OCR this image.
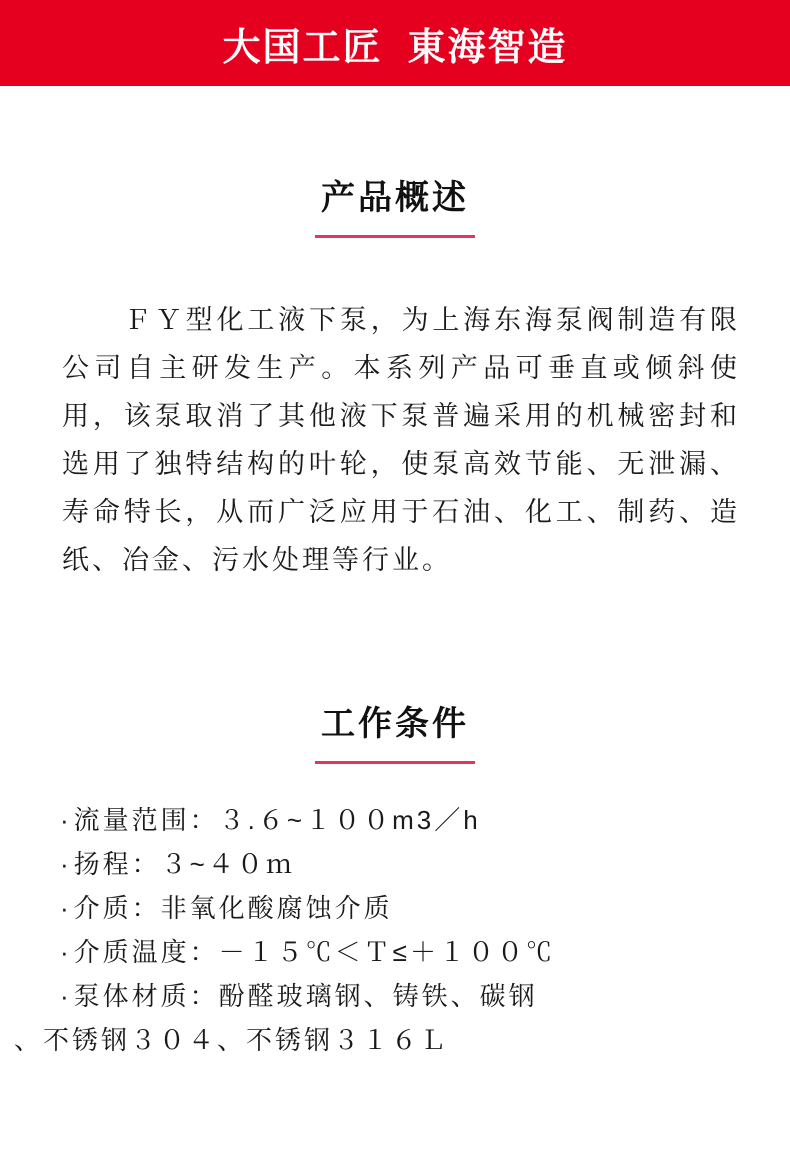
大国工匠  東海智造
产品概述

ＦＹ型化工液下泵，为上海东海泵阀制造有限公司自主研发生产。本系列产品可垂直或倾斜使用，该泵取消了其他液下泵普遍采用的机械密封和选用了独特结构的叶轮，使泵高效节能、无泄漏、寿命特长，从而广泛应用于石油、化工、制药、造纸、冶金、污水处理等行业。

工作条件
·流量范围：３.６~１００m3／h
·扬程：３~４０ｍ
·介质：非氧化酸腐蚀介质
·介质温度：－１５℃＜Ｔ≤＋１００℃
·泵体材质：酚醛玻璃钢、铸铁、碳钢
、不锈钢３０４、不锈钢３１６Ｌ
